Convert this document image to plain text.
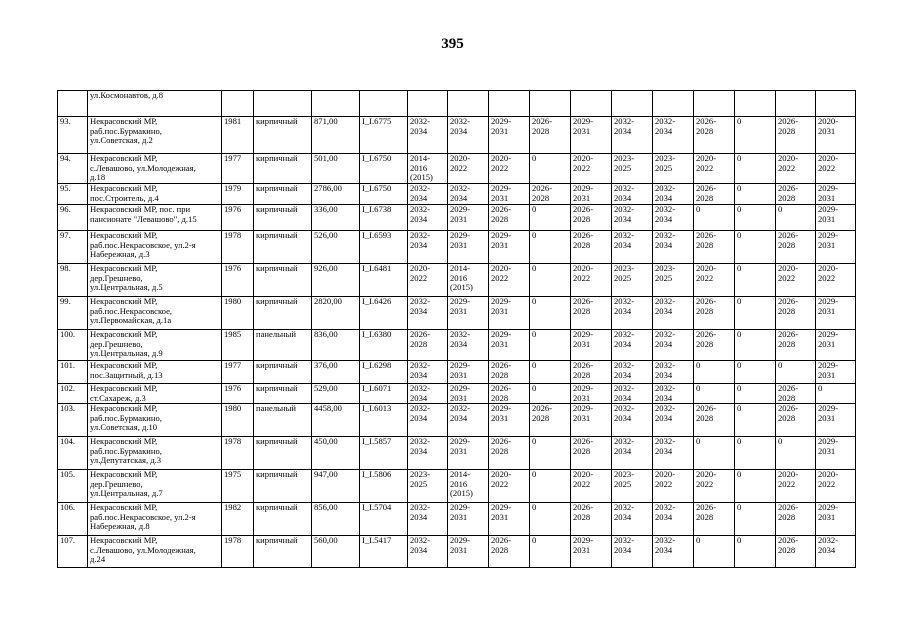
395
	ул.Космонавтов, д.8															
93.	Некрасовский МР,
раб.пос.Бурмакино,
ул.Советская, д.2	1981	кирпичный	871,00	I_I.6775	2032-
2034	2032-
2034	2029-
2031	2026-
2028	2029-
2031	2032-
2034	2032-
2034	2026-
2028	0	2026-
2028	2020-
2031
94.	Некрасовский МР,
с.Левашово, ул.Молодежная,
д.18	1977	кирпичный	501,00	I_I.6750	2014-
2016
(2015)	2020-
2022	2020-
2022	0	2020-
2022	2023-
2025	2023-
2025	2020-
2022	0	2020-
2022	2020-
2022
95.	Некрасовский МР,
пос.Строитель, д.4	1979	кирпичный	2786,00	I_I.6750	2032-
2034	2032-
2034	2029-
2031	2026-
2028	2029-
2031	2032-
2034	2032-
2034	2026-
2028	0	2026-
2028	2029-
2031
96.	Некрасовский МР, пос. при
пансионате "Левашово", д.15	1976	кирпичный	336,00	I_I.6738	2032-
2034	2029-
2031	2026-
2028	0	2026-
2028	2032-
2034	2032-
2034	0	0	0	2029-
2031
97.	Некрасовский МР,
раб.пос.Некрасовское, ул.2-я
Набережная, д.3	1978	кирпичный	526,00	I_I.6593	2032-
2034	2029-
2031	2029-
2031	0	2026-
2028	2032-
2034	2032-
2034	2026-
2028	0	2026-
2028	2029-
2031
98.	Некрасовский МР,
дер.Грешнево,
ул.Центральная, д.5	1976	кирпичный	926,00	I_I.6481	2020-
2022	2014-
2016
(2015)	2020-
2022	0	2020-
2022	2023-
2025	2023-
2025	2020-
2022	0	2020-
2022	2020-
2022
99.	Некрасовский МР,
раб.пос.Некрасовское,
ул.Первомайская, д.1а	1980	кирпичный	2820,00	I_I.6426	2032-
2034	2029-
2031	2029-
2031	0	2026-
2028	2032-
2034	2032-
2034	2026-
2028	0	2026-
2028	2029-
2031
100.	Некрасовский МР,
дер.Грешнево,
ул.Центральная, д.9	1985	панельный	836,00	I_I.6380	2026-
2028	2032-
2034	2029-
2031	0	2029-
2031	2032-
2034	2032-
2034	2026-
2028	0	2026-
2028	2029-
2031
101.	Некрасовский МР,
пос.Защитный, д.13	1977	кирпичный	376,00	I_I.6298	2032-
2034	2029-
2031	2026-
2028	0	2026-
2028	2032-
2034	2032-
2034	0	0	0	2029-
2031
102.	Некрасовский МР,
ст.Сахареж, д.3	1976	кирпичный	529,00	I_I.6071	2032-
2034	2029-
2031	2026-
2028	0	2029-
2031	2032-
2034	2032-
2034	0	0	2026-
2028	0
103.	Некрасовский МР,
раб.пос.Бурмакино,
ул.Советская, д.10	1980	панельный	4458,00	I_I.6013	2032-
2034	2032-
2034	2029-
2031	2026-
2028	2029-
2031	2032-
2034	2032-
2034	2026-
2028	0	2026-
2028	2029-
2031
104.	Некрасовский МР,
раб.пос.Бурмакино,
ул.Депутатская, д.3	1978	кирпичный	450,00	I_I.5857	2032-
2034	2029-
2031	2026-
2028	0	2026-
2028	2032-
2034	2032-
2034	0	0	0	2029-
2031
105.	Некрасовский МР,
дер.Грешнево,
ул.Центральная, д.7	1975	кирпичный	947,00	I_I.5806	2023-
2025	2014-
2016
(2015)	2020-
2022	0	2020-
2022	2023-
2025	2020-
2022	2020-
2022	0	2020-
2022	2020-
2022
106.	Некрасовский МР,
раб.пос.Некрасовское, ул.2-я
Набережная, д.8	1982	кирпичный	856,00	I_I.5704	2032-
2034	2029-
2031	2029-
2031	0	2026-
2028	2032-
2034	2032-
2034	2026-
2028	0	2026-
2028	2029-
2031
107.	Некрасовский МР,
с.Левашово, ул.Молодежная,
д.24	1978	кирпичный	560,00	I_I.5417	2032-
2034	2029-
2031	2026-
2028	0	2029-
2031	2032-
2034	2032-
2034	0	0	2026-
2028	2032-
2034
